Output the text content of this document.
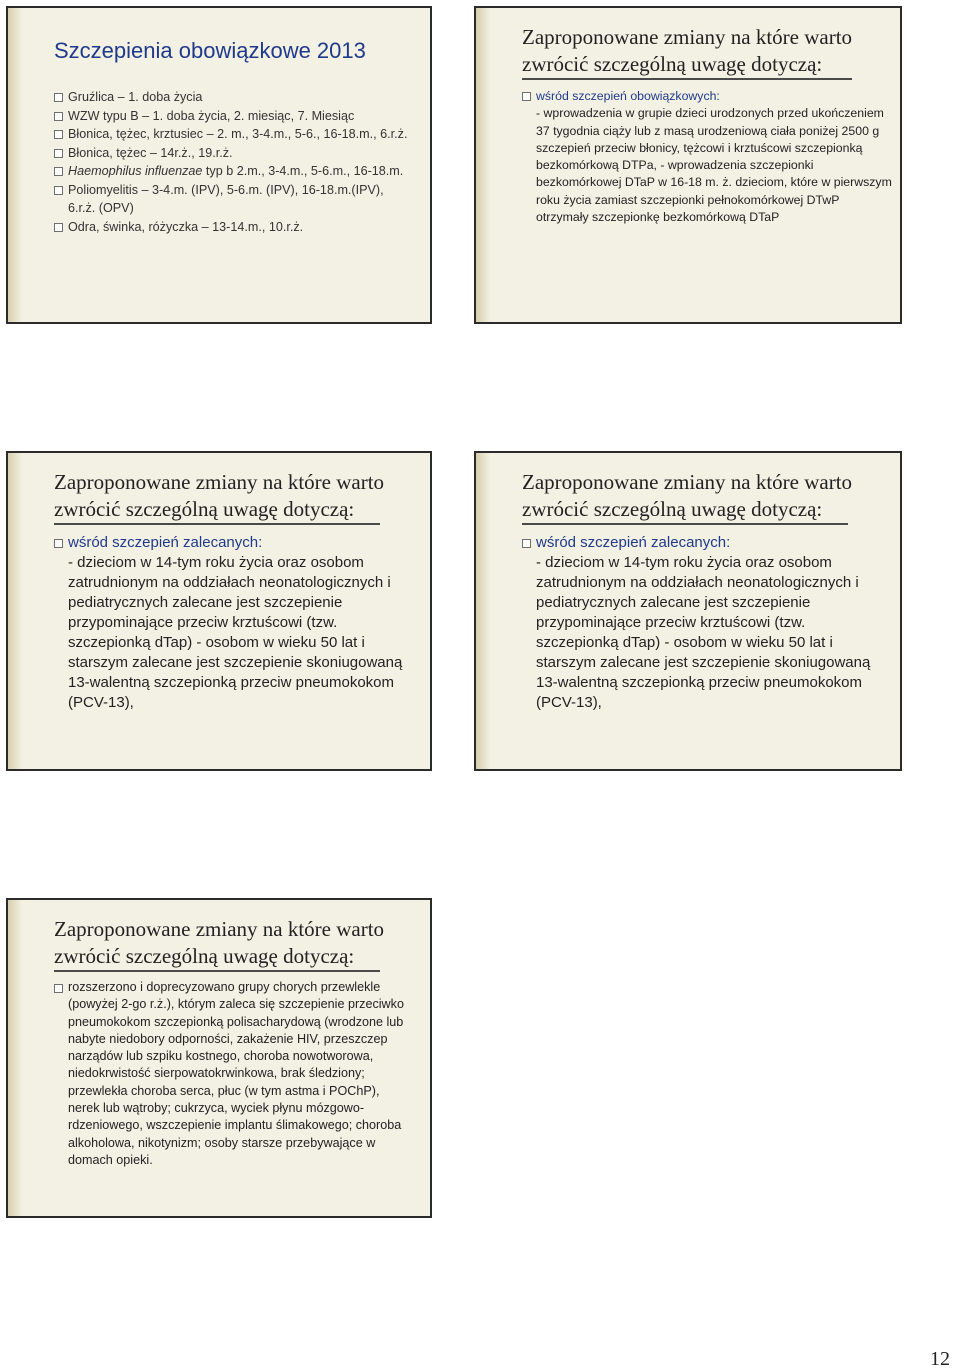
Szczepienia obowiązkowe 2013
Gruźlica – 1. doba życia
WZW typu B – 1. doba życia, 2. miesiąc, 7. Miesiąc
Błonica, tężec, krztusiec – 2. m., 3-4.m., 5-6., 16-18.m., 6.r.ż.
Błonica, tężec – 14r.ż., 19.r.ż.
Haemophilus influenzae typ b 2.m., 3-4.m., 5-6.m., 16-18.m.
Poliomyelitis – 3-4.m. (IPV), 5-6.m. (IPV), 16-18.m.(IPV), 6.r.ż. (OPV)
Odra, świnka, różyczka – 13-14.m., 10.r.ż.
Zaproponowane zmiany na które warto zwrócić szczególną uwagę dotyczą:
wśród szczepień obowiązkowych:
- wprowadzenia w grupie dzieci urodzonych przed ukończeniem 37 tygodnia ciąży lub z masą urodzeniową ciała poniżej 2500 g szczepień przeciw błonicy, tężcowi i krztuścowi szczepionką bezkomórkową DTPa, - wprowadzenia szczepionki bezkomórkowej DTaP w 16-18 m. ż. dzieciom, które w pierwszym roku życia zamiast szczepionki pełnokomórkowej DTwP otrzymały szczepionkę bezkomórkową DTaP
Zaproponowane zmiany na które warto zwrócić szczególną uwagę dotyczą:
wśród szczepień zalecanych:
- dzieciom w 14-tym roku życia oraz osobom zatrudnionym na oddziałach neonatologicznych i pediatrycznych zalecane jest szczepienie przypominające przeciw krztuścowi (tzw. szczepionką dTap) - osobom w wieku 50 lat i starszym zalecane jest szczepienie skoniugowaną 13-walentną szczepionką przeciw pneumokokom (PCV-13),
Zaproponowane zmiany na które warto zwrócić szczególną uwagę dotyczą:
wśród szczepień zalecanych:
- dzieciom w 14-tym roku życia oraz osobom zatrudnionym na oddziałach neonatologicznych i pediatrycznych zalecane jest szczepienie przypominające przeciw krztuścowi (tzw. szczepionką dTap) - osobom w wieku 50 lat i starszym zalecane jest szczepienie skoniugowaną 13-walentną szczepionką przeciw pneumokokom (PCV-13),
Zaproponowane zmiany na które warto zwrócić szczególną uwagę dotyczą:
rozszerzono i doprecyzowano grupy chorych przewlekle (powyżej 2-go r.ż.), którym zaleca się szczepienie przeciwko pneumokokom szczepionką polisacharydową (wrodzone lub nabyte niedobory odporności, zakażenie HIV, przeszczep narządów lub szpiku kostnego, choroba nowotworowa, niedokrwistość sierpowatokrwinkowa, brak śledziony; przewlekła choroba serca, płuc (w tym astma i POChP), nerek lub wątroby; cukrzyca, wyciek płynu mózgowo-rdzeniowego, wszczepienie implantu ślimakowego; choroba alkoholowa, nikotynizm; osoby starsze przebywające w domach opieki.
12
